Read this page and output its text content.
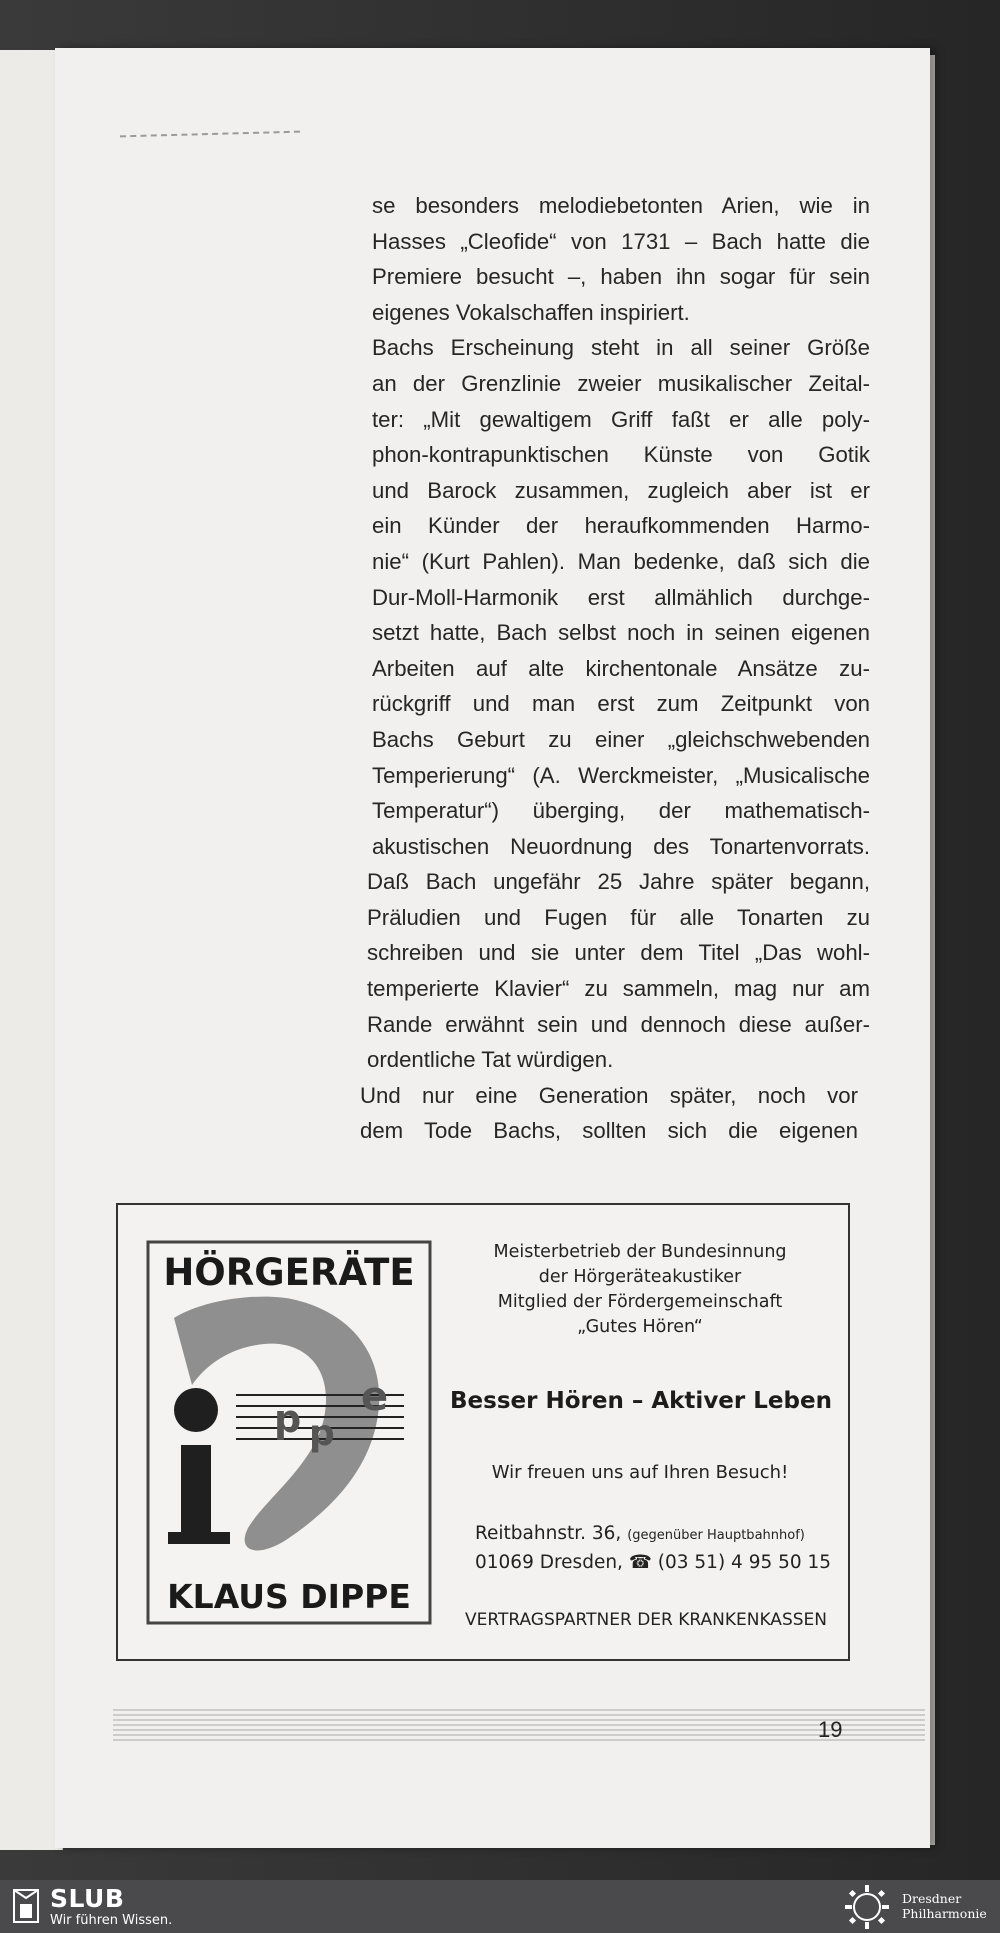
se besonders melodiebetonten Arien, wie in
Hasses „Cleofide“ von 1731 – Bach hatte die
Premiere besucht –, haben ihn sogar für sein
eigenes Vokalschaffen inspiriert.
Bachs Erscheinung steht in all seiner Größe
an der Grenzlinie zweier musikalischer Zeital-
ter: „Mit gewaltigem Griff faßt er alle poly-
phon-kontrapunktischen Künste von Gotik
und Barock zusammen, zugleich aber ist er
ein Künder der heraufkommenden Harmo-
nie“ (Kurt Pahlen). Man bedenke, daß sich die
Dur-Moll-Harmonik erst allmählich durchge-
setzt hatte, Bach selbst noch in seinen eigenen
Arbeiten auf alte kirchentonale Ansätze zu-
rückgriff und man erst zum Zeitpunkt von
Bachs Geburt zu einer „gleichschwebenden
Temperierung“ (A. Werckmeister, „Musicalische
Temperatur“) überging, der mathematisch-
akustischen Neuordnung des Tonartenvorrats.
Daß Bach ungefähr 25 Jahre später begann,
Präludien und Fugen für alle Tonarten zu
schreiben und sie unter dem Titel „Das wohl-
temperierte Klavier“ zu sammeln, mag nur am
Rande erwähnt sein und dennoch diese außer-
ordentliche Tat würdigen.
Und nur eine Generation später, noch vor
dem Tode Bachs, sollten sich die eigenen
HÖRGERÄTE
p p
e
KLAUS DIPPE
Meisterbetrieb der Bundesinnung
der Hörgeräteakustiker
Mitglied der Fördergemeinschaft
„Gutes Hören“
Besser Hören – Aktiver Leben
Wir freuen uns auf Ihren Besuch!
Reitbahnstr. 36, (gegenüber Hauptbahnhof)
01069 Dresden, ☎ (03 51) 4 95 50 15
VERTRAGSPARTNER DER KRANKENKASSEN
19
SLUB
Wir führen Wissen.
Dresdner
Philharmonie
